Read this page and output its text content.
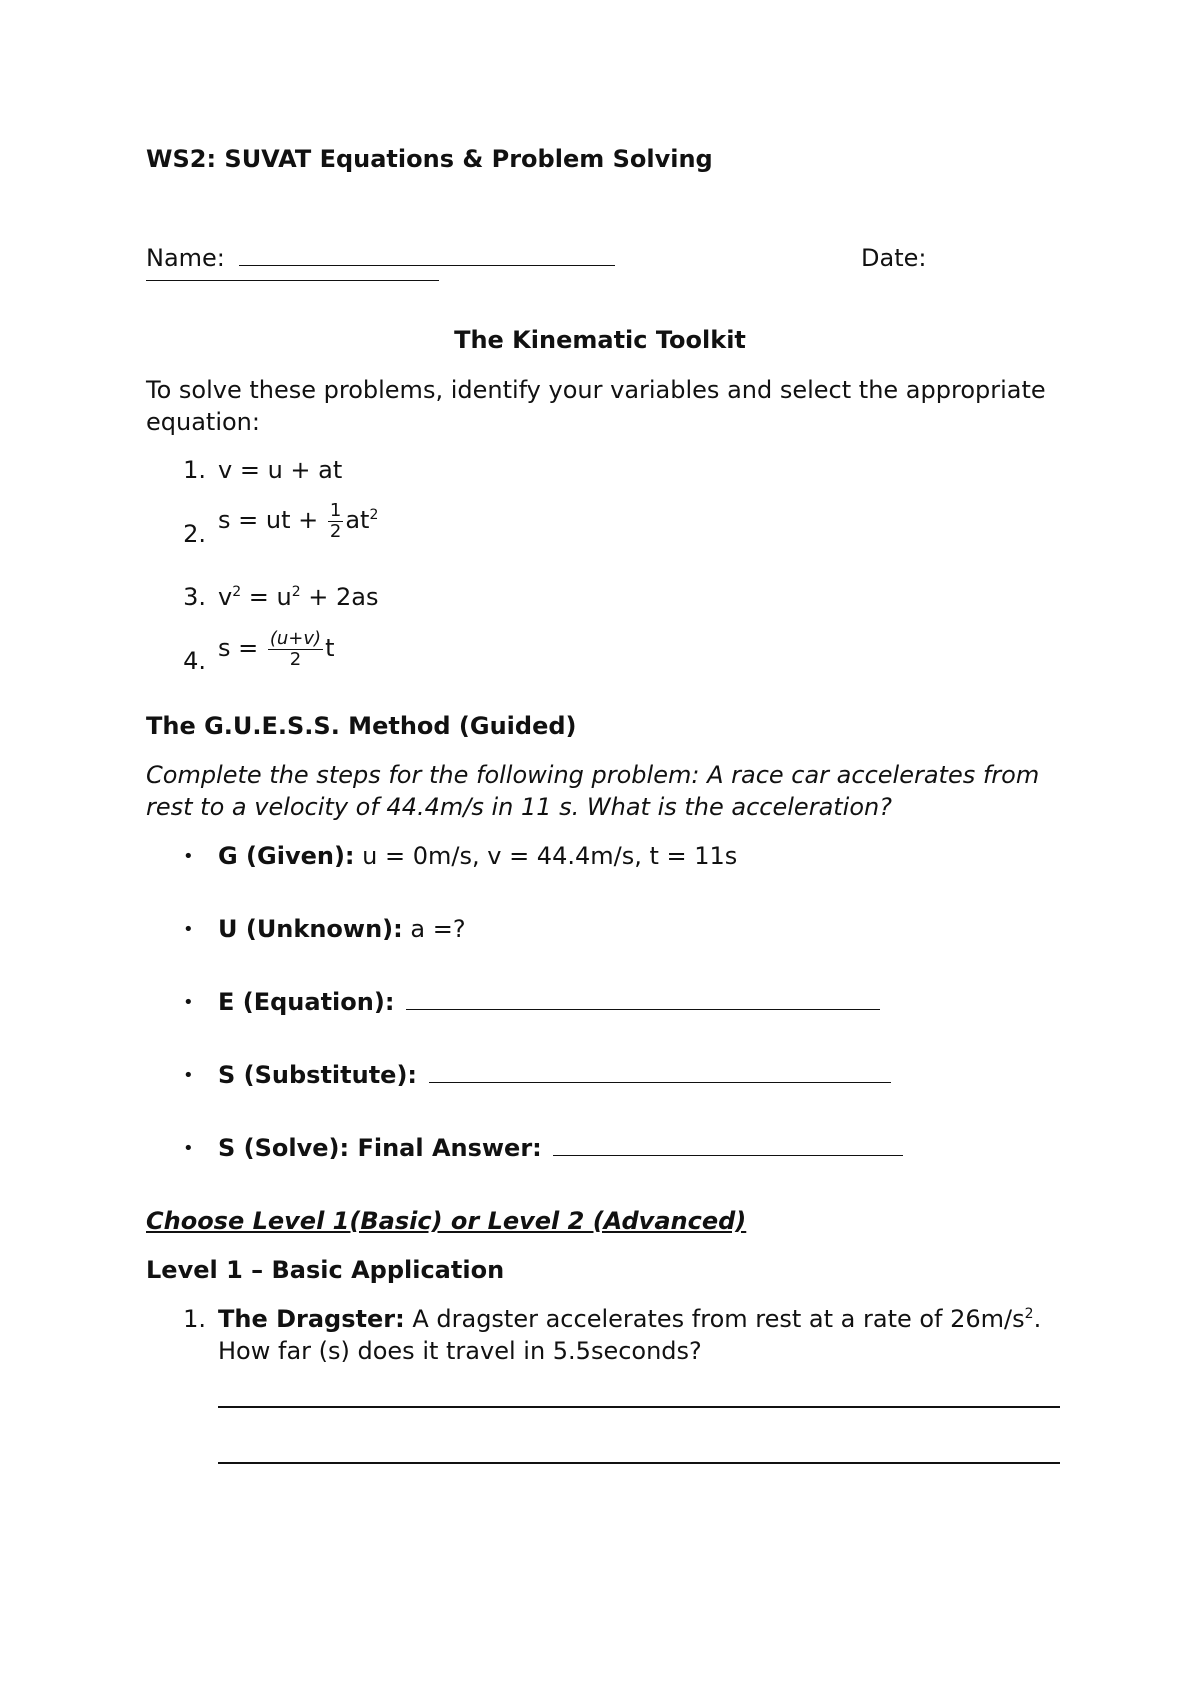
WS2: SUVAT Equations & Problem Solving
Name:	Date:
The Kinematic Toolkit
To solve these problems, identify your variables and select the appropriate
equation:
1. v = u + at
2. s = ut + $\frac{1}{2} at^2$
3. $v^2 = u^2 + 2as$
4. $s = \frac{(u+v)}{2}$ t
The G.U.E.S.S. Method (Guided)
Complete the steps for the following problem: A race car accelerates from
rest to a velocity of 44.4m/s in 11 s. What is the acceleration?
• G (Given): u = 0m/s, v = 44.4m/s, t = 11s
• U (Unknown): a =?
• E (Equation):
• S (Substitute):
• S (Solve): Final Answer:
Choose Level 1(Basic) or Level 2 (Advanced)
Level 1 – Basic Application
1. The Dragster: A dragster accelerates from rest at a rate of $26m/s^2$.
How far (s) does it travel in 5.5seconds?
